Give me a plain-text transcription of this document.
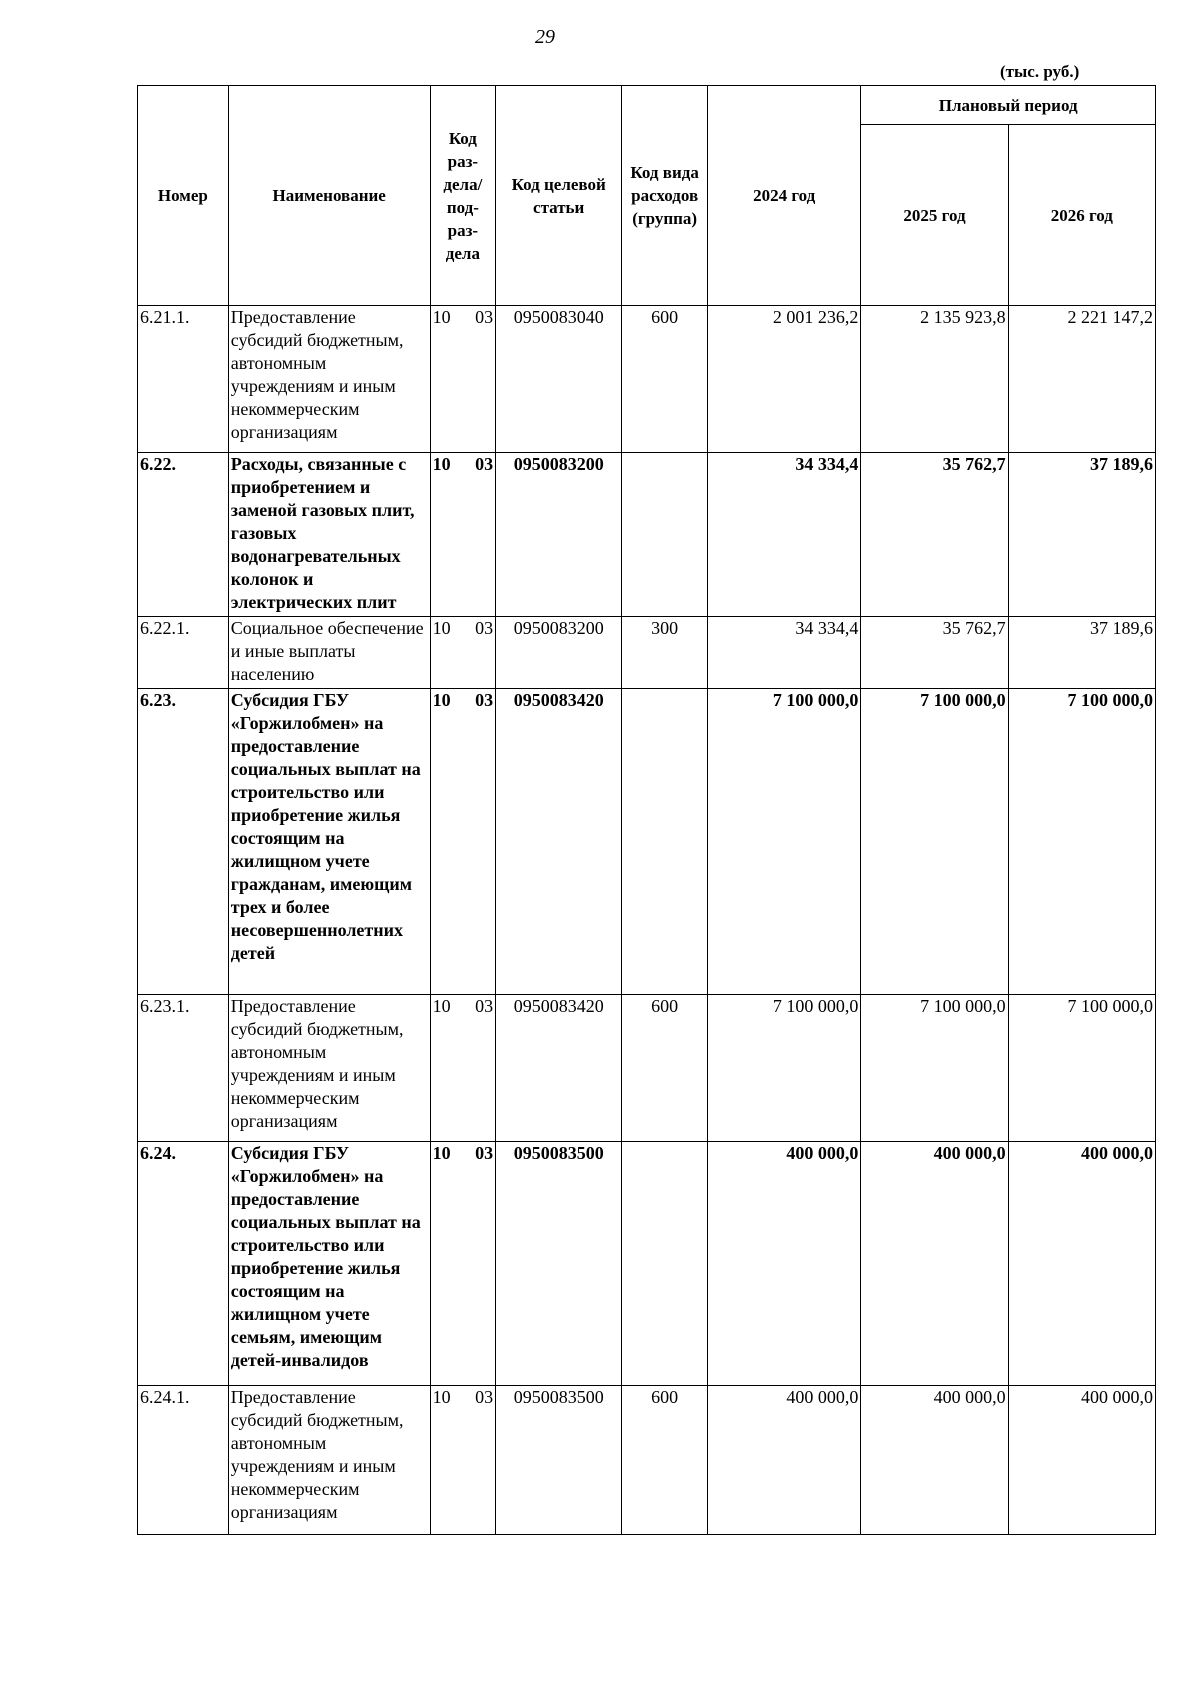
29
(тыс. руб.)
Номер	Наименование	Код раз- дела/ под- раз- дела	Код целевой статьи	Код вида расходов (группа)	2024 год	Плановый период	
						2025 год	2026 год
6.21.1.	Предоставление субсидий бюджетным, автономным учреждениям и иным некоммерческим организациям	10 03	0950083040	600	2 001 236,2	2 135 923,8	2 221 147,2
6.22.	Расходы, связанные с приобретением и заменой газовых плит, газовых водонагревательных колонок и электрических плит	10 03	0950083200		34 334,4	35 762,7	37 189,6
6.22.1.	Социальное обеспечение и иные выплаты населению	10 03	0950083200	300	34 334,4	35 762,7	37 189,6
6.23.	Субсидия ГБУ «Горжилобмен» на предоставление социальных выплат на строительство или приобретение жилья состоящим на жилищном учете гражданам, имеющим трех и более несовершеннолетних детей	10 03	0950083420		7 100 000,0	7 100 000,0	7 100 000,0
6.23.1.	Предоставление субсидий бюджетным, автономным учреждениям и иным некоммерческим организациям	10 03	0950083420	600	7 100 000,0	7 100 000,0	7 100 000,0
6.24.	Субсидия ГБУ «Горжилобмен» на предоставление социальных выплат на строительство или приобретение жилья состоящим на жилищном учете семьям, имеющим детей-инвалидов	10 03	0950083500		400 000,0	400 000,0	400 000,0
6.24.1.	Предоставление субсидий бюджетным, автономным учреждениям и иным некоммерческим организациям	10 03	0950083500	600	400 000,0	400 000,0	400 000,0
